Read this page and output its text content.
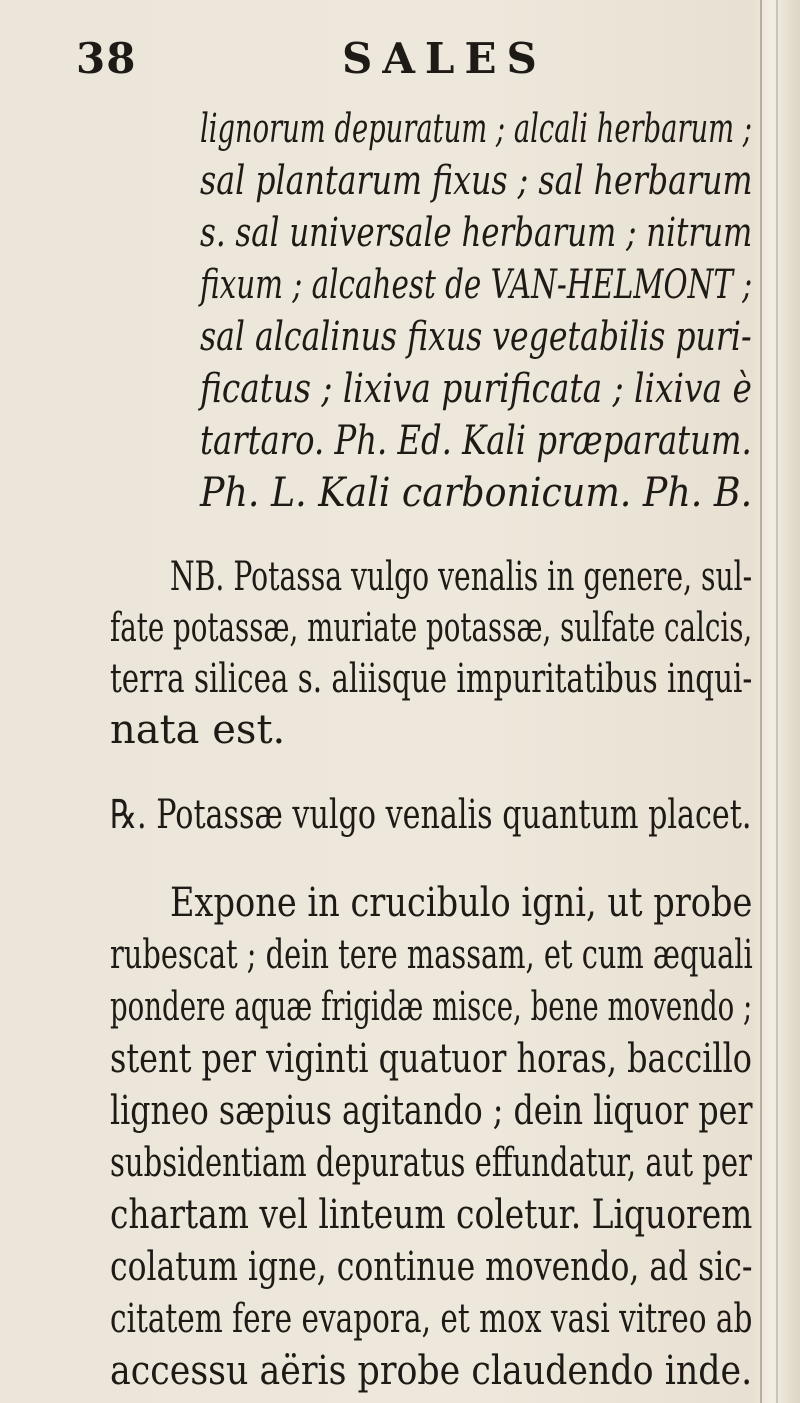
38	SALES
lignorum depuratum ; alcali herbarum ;
sal plantarum fixus ; sal herbarum
s. sal universale herbarum ; nitrum
fixum ; alcahest de VAN-HELMONT ;
sal alcalinus fixus vegetabilis puri-
ficatus ; lixiva purificata ; lixiva è
tartaro. Ph. Ed. Kali præparatum.
Ph. L. Kali carbonicum. Ph. B.
NB. Potassa vulgo venalis in genere, sul-
fate potassæ, muriate potassæ, sulfate calcis,
terra silicea s. aliisque impuritatibus inqui-
nata est.
℞. Potassæ vulgo venalis quantum placet.
Expone in crucibulo igni, ut probe
rubescat ; dein tere massam, et cum æquali
pondere aquæ frigidæ misce, bene movendo ;
stent per viginti quatuor horas, baccillo
ligneo sæpius agitando ; dein liquor per
subsidentiam depuratus effundatur, aut per
chartam vel linteum coletur. Liquorem
colatum igne, continue movendo, ad sic-
citatem fere evapora, et mox vasi vitreo ab
accessu aëris probe claudendo inde.
